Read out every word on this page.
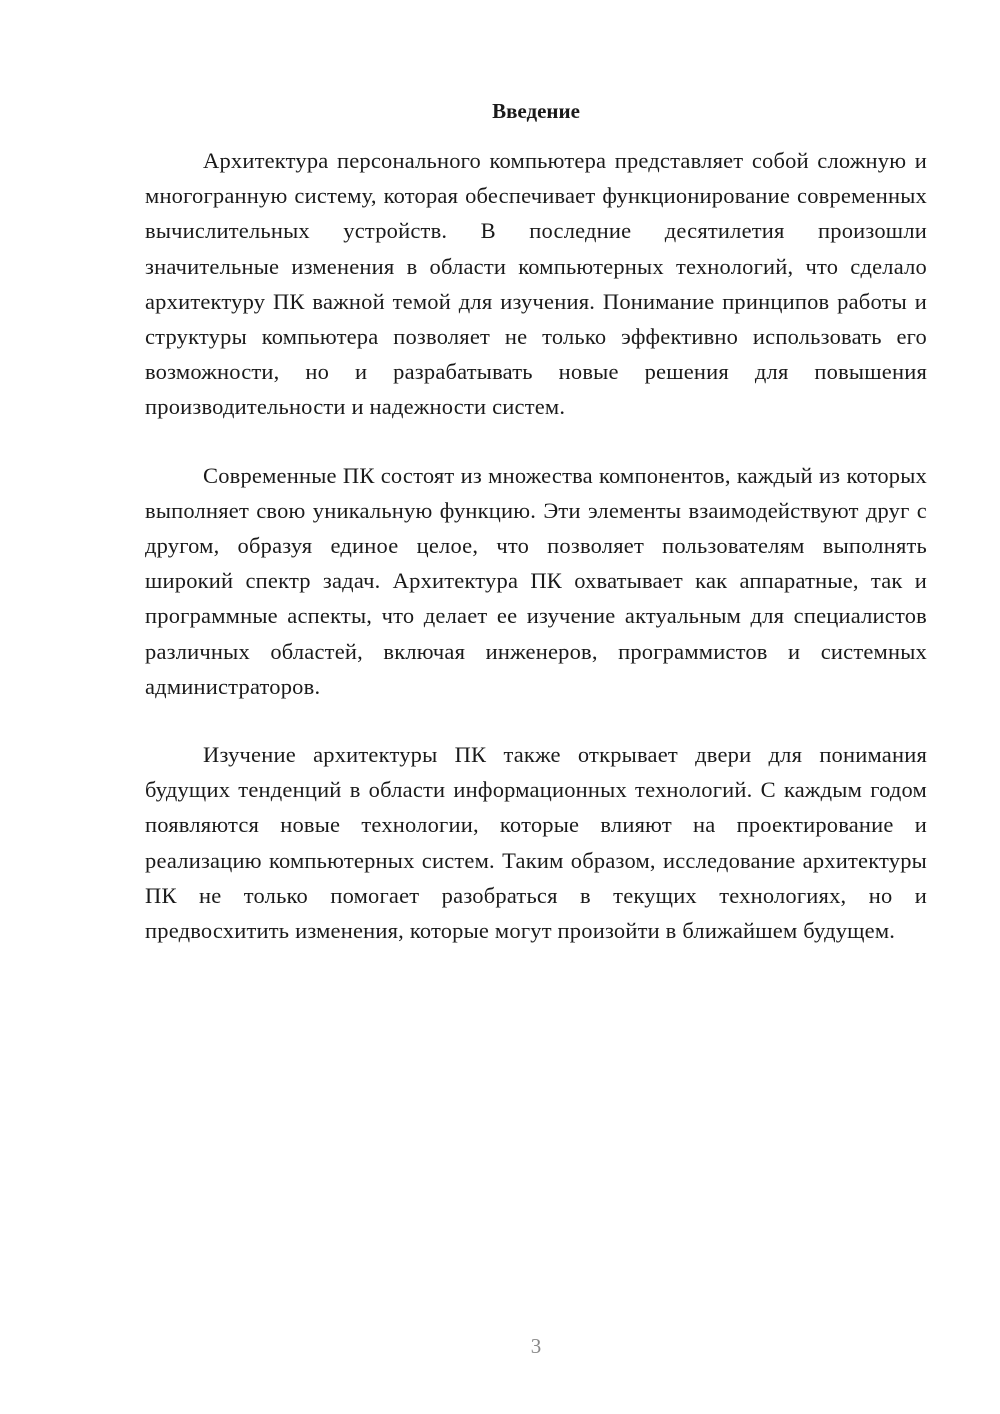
Введение

Архитектура персонального компьютера представляет собой сложную и многогранную систему, которая обеспечивает функционирование современных вычислительных устройств. В последние десятилетия произошли значительные изменения в области компьютерных технологий, что сделало архитектуру ПК важной темой для изучения. Понимание принципов работы и структуры компьютера позволяет не только эффективно использовать его возможности, но и разрабатывать новые решения для повышения производительности и надежности систем.

Современные ПК состоят из множества компонентов, каждый из которых выполняет свою уникальную функцию. Эти элементы взаимодействуют друг с другом, образуя единое целое, что позволяет пользователям выполнять широкий спектр задач. Архитектура ПК охватывает как аппаратные, так и программные аспекты, что делает ее изучение актуальным для специалистов различных областей, включая инженеров, программистов и системных администраторов.

Изучение архитектуры ПК также открывает двери для понимания будущих тенденций в области информационных технологий. С каждым годом появляются новые технологии, которые влияют на проектирование и реализацию компьютерных систем. Таким образом, исследование архитектуры ПК не только помогает разобраться в текущих технологиях, но и предвосхитить изменения, которые могут произойти в ближайшем будущем.

3
